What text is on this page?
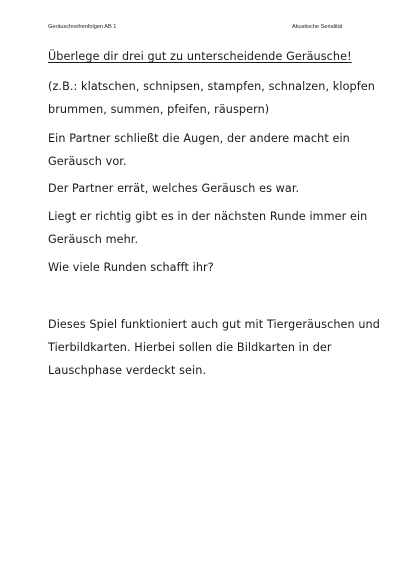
Geräuschreihenfolgen AB 1	Akustische Serialität
Überlege dir drei gut zu unterscheidende Geräusche!
(z.B.: klatschen, schnipsen, stampfen, schnalzen, klopfen
brummen, summen, pfeifen, räuspern)
Ein Partner schließt die Augen, der andere macht ein
Geräusch vor.
Der Partner errät, welches Geräusch es war.
Liegt er richtig gibt es in der nächsten Runde immer ein
Geräusch mehr.
Wie viele Runden schafft ihr?
Dieses Spiel funktioniert auch gut mit Tiergeräuschen und
Tierbildkarten. Hierbei sollen die Bildkarten in der
Lauschphase verdeckt sein.
